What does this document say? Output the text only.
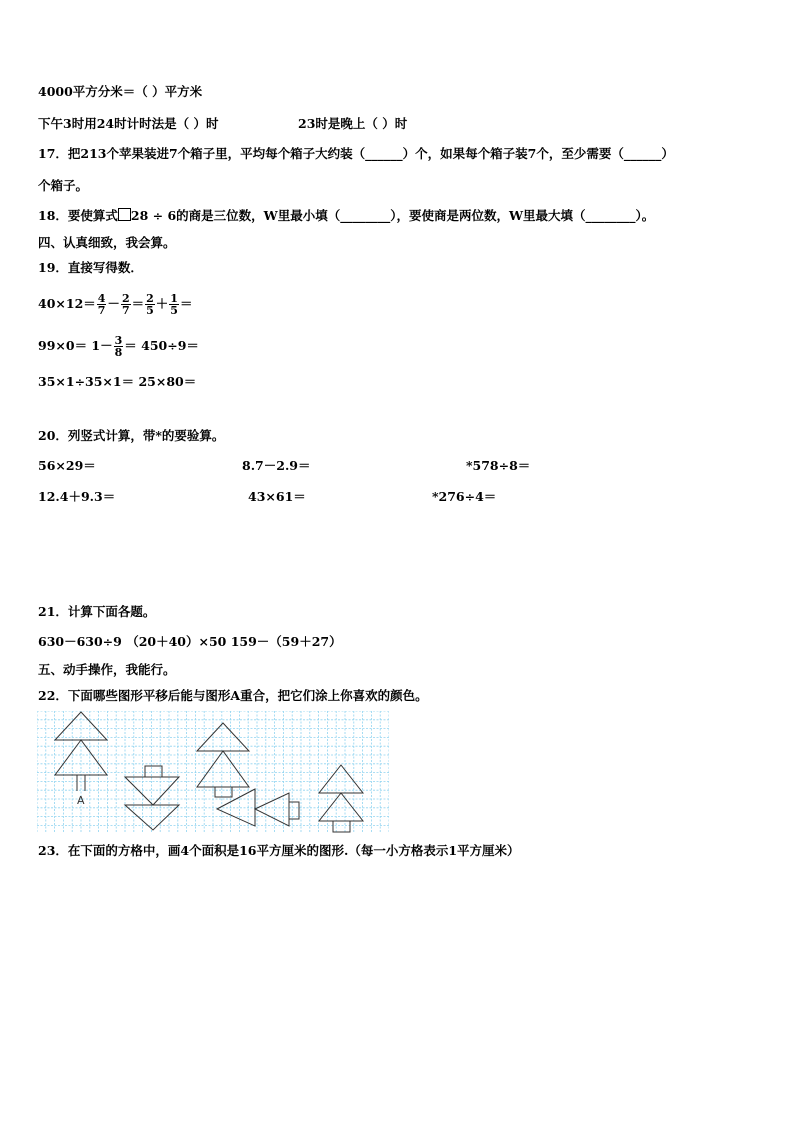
4000平方分米＝（ ）平方米
下午3时用24时计时法是（ ）时	23时是晚上（ ）时
17．把213个苹果装进7个箱子里，平均每个箱子大约装（______）个，如果每个箱子装7个，至少需要（______）
个箱子。
18．要使算式 28 ÷ 6的商是三位数，W里最小填（________），要使商是两位数，W里最大填（________）。
四、认真细致，我会算。
19．直接写得数．
$40\times 12= \frac{4}{7} - \frac{2}{7} = \frac{2}{5} + \frac{1}{5}$ ＝
$99\times 0= 1- \frac{3}{8} = 450\div 9=$
35×1÷35×1＝ 25×80＝
20．列竖式计算，带*的要验算。
56×29＝	8.7－2.9＝	*578÷8＝
12.4＋9.3＝	43×61＝	*276÷4＝
21．计算下面各题。
630－630÷9 （20＋40）×50 159－（59＋27）
五、动手操作，我能行。
22．下面哪些图形平移后能与图形A重合，把它们涂上你喜欢的颜色。
A
23．在下面的方格中，画4个面积是16平方厘米的图形.（每一小方格表示1平方厘米）
